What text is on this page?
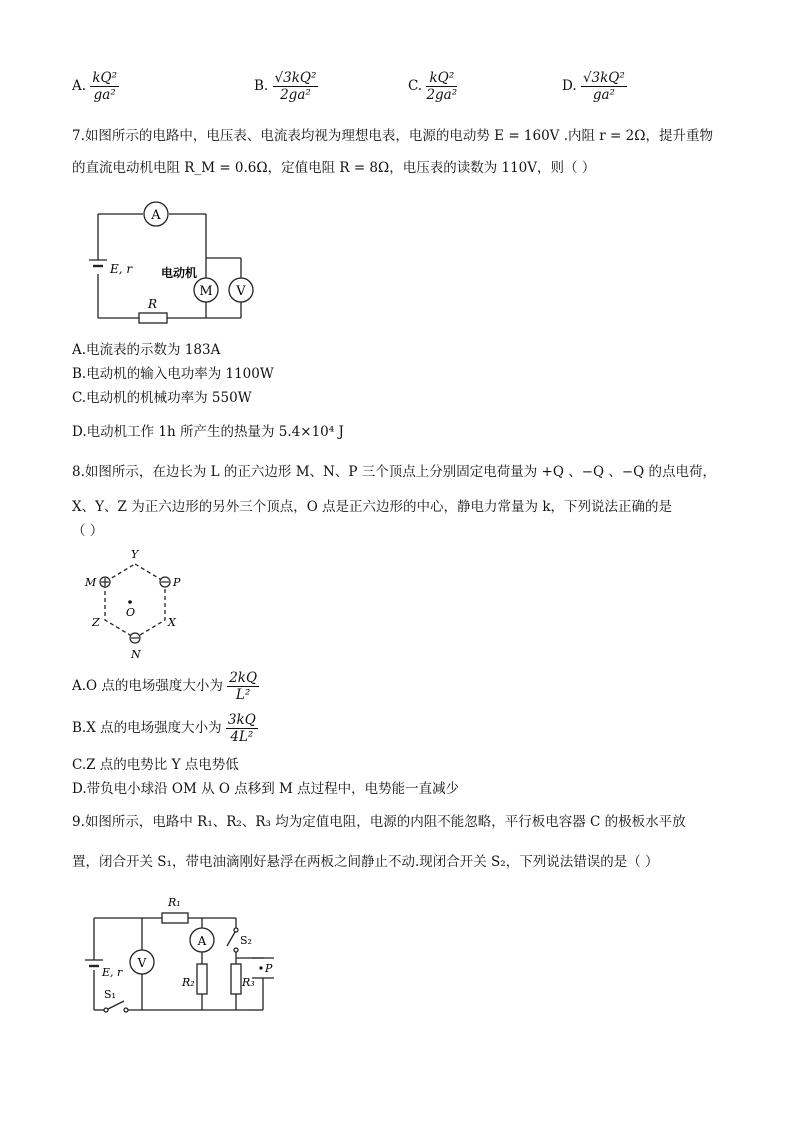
A. $\frac{\text{kQ²}}{\text{ga²}}$	B. $\frac{\text{√3kQ²}}{\text{2ga²}}$	C. $\frac{\text{kQ²}}{\text{2ga²}}$	D. $\frac{\text{√3kQ²}}{\text{ga²}}$
7.如图所示的电路中，电压表、电流表均视为理想电表，电源的电动势 E = 160V .内阻 r = 2Ω，提升重物
的直流电动机电阻 R_M = 0.6Ω，定值电阻 R = 8Ω，电压表的读数为 110V，则（ ）
A
M V
电动机
E, r
R
A.电流表的示数为 183A
B.电动机的输入电功率为 1100W
C.电动机的机械功率为 550W
D.电动机工作 1h 所产生的热量为 5.4×10⁴ J
8.如图所示，在边长为 L 的正六边形 M、N、P 三个顶点上分别固定电荷量为 +Q 、−Q 、−Q 的点电荷，
X、Y、Z 为正六边形的另外三个顶点，O 点是正六边形的中心，静电力常量为 k，下列说法正确的是
（ ）
Y
M	P
O
Z	X
N
A.O 点的电场强度大小为 $\frac{2kQ}{\text{L²}}$
B.X 点的电场强度大小为 $\frac{3kQ}{\text{4L²}}$
C.Z 点的电势比 Y 点电势低
D.带负电小球沿 OM 从 O 点移到 M 点过程中，电势能一直减少
9.如图所示，电路中 R₁、R₂、R₃ 均为定值电阻，电源的内阻不能忽略，平行板电容器 C 的极板水平放
置，闭合开关 S₁，带电油滴刚好悬浮在两板之间静止不动.现闭合开关 S₂，下列说法错误的是（ ）
V
A
R₁
R₂	R₃
S₂
S₁
E, r	P
